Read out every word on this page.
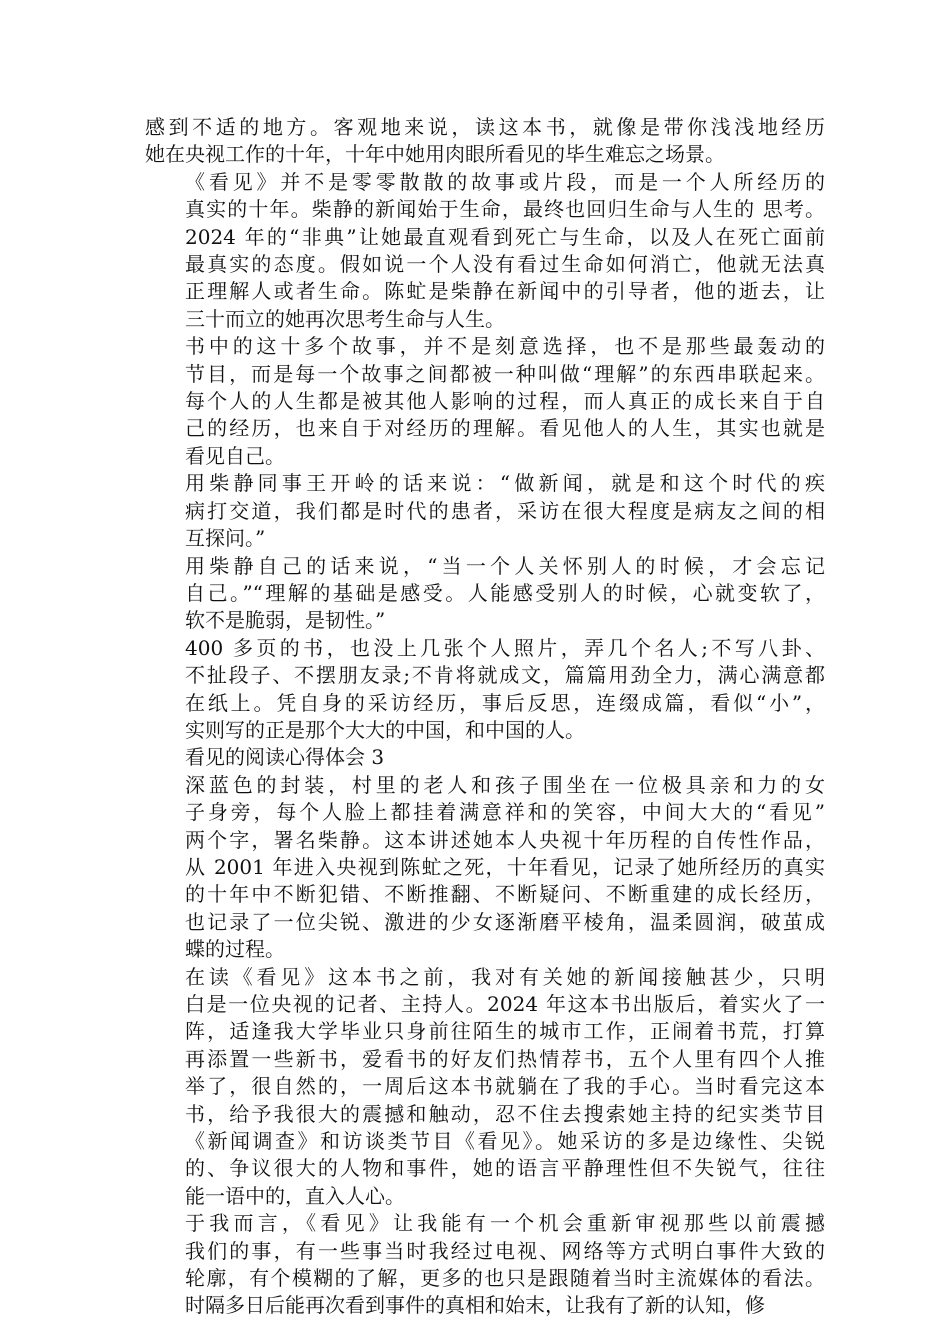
感到不适的地方。客观地来说，读这本书，就像是带你浅浅地经历
她在央视工作的十年，十年中她用肉眼所看见的毕生难忘之场景。
《看见》并不是零零散散的故事或片段，而是一个人所经历的
真实的十年。柴静的新闻始于生命，最终也回归生命与人生的 思考。
2024 年的“非典”让她最直观看到死亡与生命，以及人在死亡面前
最真实的态度。假如说一个人没有看过生命如何消亡，他就无法真
正理解人或者生命。陈虻是柴静在新闻中的引导者，他的逝去，让
三十而立的她再次思考生命与人生。
书中的这十多个故事，并不是刻意选择，也不是那些最轰动的
节目，而是每一个故事之间都被一种叫做“理解”的东西串联起来。
每个人的人生都是被其他人影响的过程，而人真正的成长来自于自
己的经历，也来自于对经历的理解。看见他人的人生，其实也就是
看见自己。
用柴静同事王开岭的话来说：“做新闻，就是和这个时代的疾
病打交道，我们都是时代的患者，采访在很大程度是病友之间的相
互探问。”
用柴静自己的话来说，“当一个人关怀别人的时候，才会忘记
自己。”“理解的基础是感受。人能感受别人的时候，心就变软了，
软不是脆弱，是韧性。”
400 多页的书，也没上几张个人照片，弄几个名人;不写八卦、
不扯段子、不摆朋友录;不肯将就成文，篇篇用劲全力，满心满意都
在纸上。凭自身的采访经历，事后反思，连缀成篇，看似“小”，
实则写的正是那个大大的中国，和中国的人。
看见的阅读心得体会 3
深蓝色的封装，村里的老人和孩子围坐在一位极具亲和力的女
子身旁，每个人脸上都挂着满意祥和的笑容，中间大大的“看见”
两个字，署名柴静。这本讲述她本人央视十年历程的自传性作品，
从 2001 年进入央视到陈虻之死，十年看见，记录了她所经历的真实
的十年中不断犯错、不断推翻、不断疑问、不断重建的成长经历，
也记录了一位尖锐、激进的少女逐渐磨平棱角，温柔圆润，破茧成
蝶的过程。
在读《看见》这本书之前，我对有关她的新闻接触甚少，只明
白是一位央视的记者、主持人。2024 年这本书出版后，着实火了一
阵，适逢我大学毕业只身前往陌生的城市工作，正闹着书荒，打算
再添置一些新书，爱看书的好友们热情荐书，五个人里有四个人推
举了，很自然的，一周后这本书就躺在了我的手心。当时看完这本
书，给予我很大的震撼和触动，忍不住去搜索她主持的纪实类节目
《新闻调查》和访谈类节目《看见》。她采访的多是边缘性、尖锐
的、争议很大的人物和事件，她的语言平静理性但不失锐气，往往
能一语中的，直入人心。
于我而言，《看见》让我能有一个机会重新审视那些以前震撼
我们的事，有一些事当时我经过电视、网络等方式明白事件大致的
轮廓，有个模糊的了解，更多的也只是跟随着当时主流媒体的看法。
时隔多日后能再次看到事件的真相和始末，让我有了新的认知，修
